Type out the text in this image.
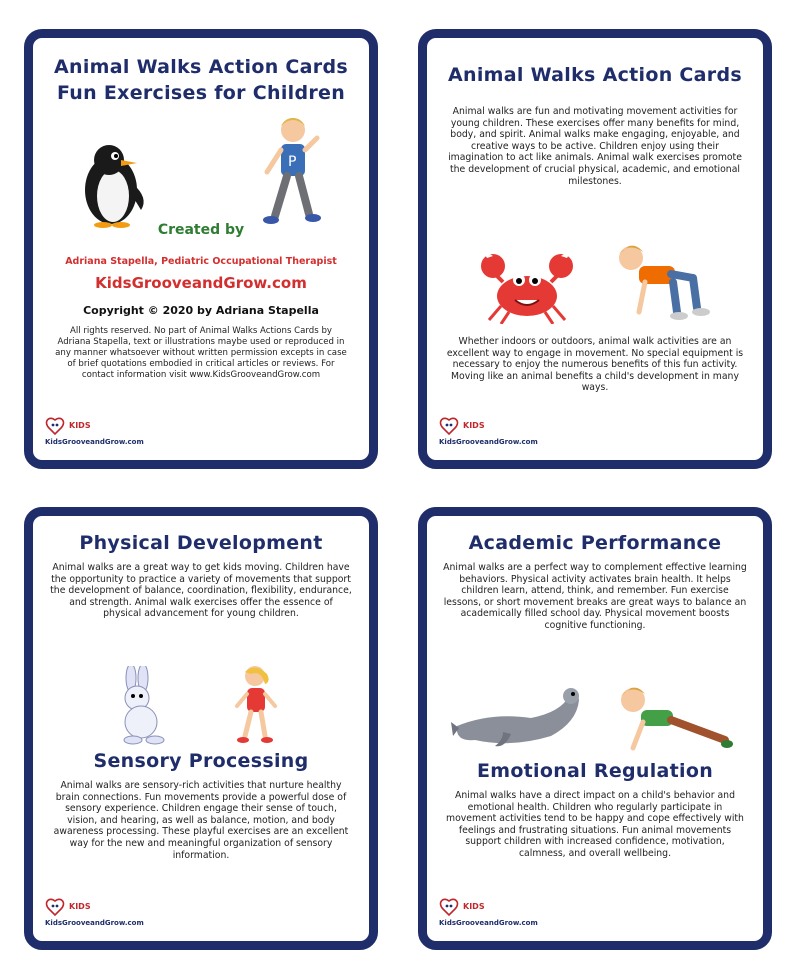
Animal Walks Action Cards
Fun Exercises for Children
P
Created by
Adriana Stapella, Pediatric Occupational Therapist
KidsGrooveandGrow.com
Copyright © 2020 by Adriana Stapella
All rights reserved. No part of Animal Walks Actions Cards by Adriana Stapella, text or illustrations maybe used or reproduced in any manner whatsoever without written permission excepts in case of brief quotations embodied in critical articles or reviews. For contact information visit www.KidsGrooveandGrow.com
KIDS
KidsGrooveandGrow.com
Animal Walks Action Cards
Animal walks are fun and motivating movement activities for young children. These exercises offer many benefits for mind, body, and spirit. Animal walks make engaging, enjoyable, and creative ways to be active. Children enjoy using their imagination to act like animals. Animal walk exercises promote the development of crucial physical, academic, and emotional milestones.
Whether indoors or outdoors, animal walk activities are an excellent way to engage in movement. No special equipment is necessary to enjoy the numerous benefits of this fun activity. Moving like an animal benefits a child's development in many ways.
KIDS
KidsGrooveandGrow.com
Physical Development
Animal walks are a great way to get kids moving. Children have the opportunity to practice a variety of movements that support the development of balance, coordination, flexibility, endurance, and strength. Animal walk exercises offer the essence of physical advancement for young children.
Sensory Processing
Animal walks are sensory-rich activities that nurture healthy brain connections. Fun movements provide a powerful dose of sensory experience. Children engage their sense of touch, vision, and hearing, as well as balance, motion, and body awareness processing. These playful exercises are an excellent way for the new and meaningful organization of sensory information.
KIDS
KidsGrooveandGrow.com
Academic Performance
Animal walks are a perfect way to complement effective learning behaviors. Physical activity activates brain health. It helps children learn, attend, think, and remember. Fun exercise lessons, or short movement breaks are great ways to balance an academically filled school day. Physical movement boosts cognitive functioning.
Emotional Regulation
Animal walks have a direct impact on a child's behavior and emotional health. Children who regularly participate in movement activities tend to be happy and cope effectively with feelings and frustrating situations. Fun animal movements support children with increased confidence, motivation, calmness, and overall wellbeing.
KIDS
KidsGrooveandGrow.com
